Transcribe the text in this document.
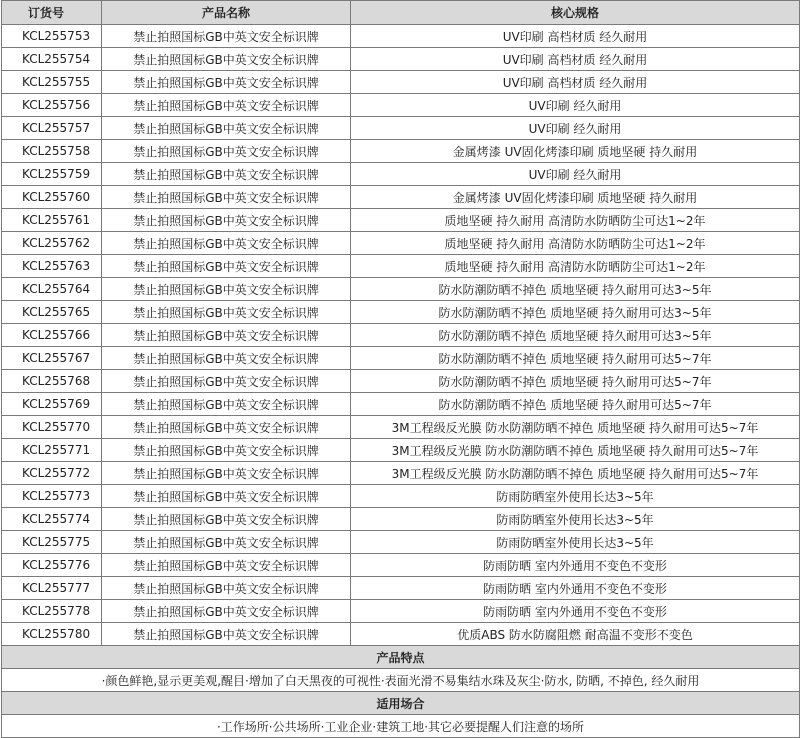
订货号	产品名称	核心规格
KCL255753	禁止拍照国标GB中英文安全标识牌	UV印刷 高档材质 经久耐用
KCL255754	禁止拍照国标GB中英文安全标识牌	UV印刷 高档材质 经久耐用
KCL255755	禁止拍照国标GB中英文安全标识牌	UV印刷 高档材质 经久耐用
KCL255756	禁止拍照国标GB中英文安全标识牌	UV印刷 经久耐用
KCL255757	禁止拍照国标GB中英文安全标识牌	UV印刷 经久耐用
KCL255758	禁止拍照国标GB中英文安全标识牌	金属烤漆 UV固化烤漆印刷 质地坚硬 持久耐用
KCL255759	禁止拍照国标GB中英文安全标识牌	UV印刷 经久耐用
KCL255760	禁止拍照国标GB中英文安全标识牌	金属烤漆 UV固化烤漆印刷 质地坚硬 持久耐用
KCL255761	禁止拍照国标GB中英文安全标识牌	质地坚硬 持久耐用 高清防水防晒防尘可达1~2年
KCL255762	禁止拍照国标GB中英文安全标识牌	质地坚硬 持久耐用 高清防水防晒防尘可达1~2年
KCL255763	禁止拍照国标GB中英文安全标识牌	质地坚硬 持久耐用 高清防水防晒防尘可达1~2年
KCL255764	禁止拍照国标GB中英文安全标识牌	防水防潮防晒不掉色 质地坚硬 持久耐用可达3~5年
KCL255765	禁止拍照国标GB中英文安全标识牌	防水防潮防晒不掉色 质地坚硬 持久耐用可达3~5年
KCL255766	禁止拍照国标GB中英文安全标识牌	防水防潮防晒不掉色 质地坚硬 持久耐用可达3~5年
KCL255767	禁止拍照国标GB中英文安全标识牌	防水防潮防晒不掉色 质地坚硬 持久耐用可达5~7年
KCL255768	禁止拍照国标GB中英文安全标识牌	防水防潮防晒不掉色 质地坚硬 持久耐用可达5~7年
KCL255769	禁止拍照国标GB中英文安全标识牌	防水防潮防晒不掉色 质地坚硬 持久耐用可达5~7年
KCL255770	禁止拍照国标GB中英文安全标识牌	3M工程级反光膜 防水防潮防晒不掉色 质地坚硬 持久耐用可达5~7年
KCL255771	禁止拍照国标GB中英文安全标识牌	3M工程级反光膜 防水防潮防晒不掉色 质地坚硬 持久耐用可达5~7年
KCL255772	禁止拍照国标GB中英文安全标识牌	3M工程级反光膜 防水防潮防晒不掉色 质地坚硬 持久耐用可达5~7年
KCL255773	禁止拍照国标GB中英文安全标识牌	防雨防晒室外使用长达3~5年
KCL255774	禁止拍照国标GB中英文安全标识牌	防雨防晒室外使用长达3~5年
KCL255775	禁止拍照国标GB中英文安全标识牌	防雨防晒室外使用长达3~5年
KCL255776	禁止拍照国标GB中英文安全标识牌	防雨防晒 室内外通用不变色不变形
KCL255777	禁止拍照国标GB中英文安全标识牌	防雨防晒 室内外通用不变色不变形
KCL255778	禁止拍照国标GB中英文安全标识牌	防雨防晒 室内外通用不变色不变形
KCL255780	禁止拍照国标GB中英文安全标识牌	优质ABS 防水防腐阻燃 耐高温不变形不变色
产品特点		
·颜色鲜艳,显示更美观,醒目·增加了白天黑夜的可视性·表面光滑不易集结水珠及灰尘·防水, 防晒, 不掉色, 经久耐用		
适用场合		
·工作场所·公共场所·工业企业·建筑工地·其它必要提醒人们注意的场所		
